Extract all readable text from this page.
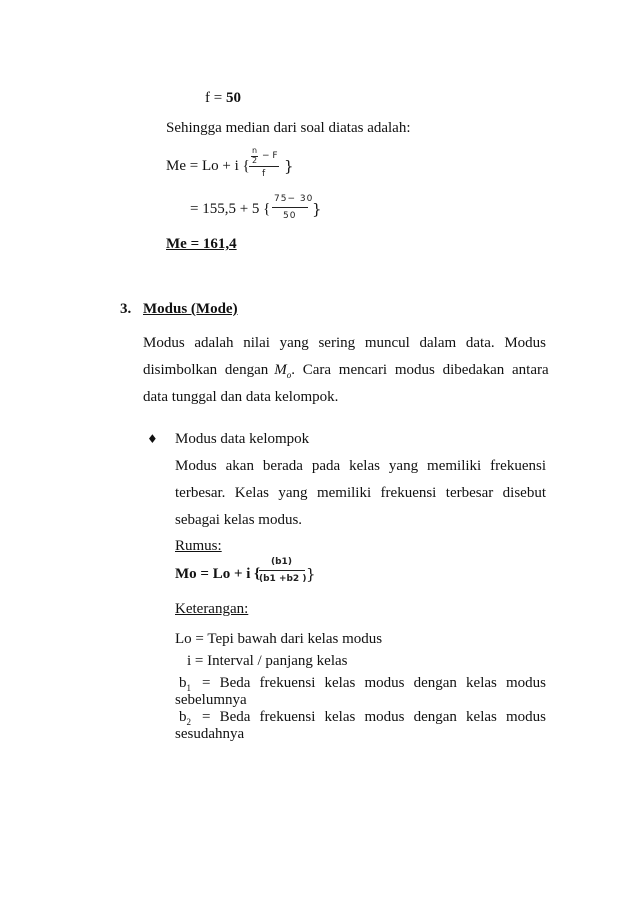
f = 50
Sehingga median dari soal diatas adalah:
Me = Lo + i {
n
2 − F
f }
= 155,5 + 5 {
75− 30
50 }
Me = 161,4
3. Modus (Mode)
Modus adalah nilai yang sering muncul dalam data. Modus
disimbolkan dengan $M_o$. Cara mencari modus dibedakan antara
data tunggal dan data kelompok.
♦ Modus data kelompok
Modus akan berada pada kelas yang memiliki frekuensi
terbesar. Kelas yang memiliki frekuensi terbesar disebut
sebagai kelas modus.
Rumus:
Mo = Lo + i {
(b1)
(b1 +b2 ) }
Keterangan:
Lo = Tepi bawah dari kelas modus
i = Interval / panjang kelas
$b_1$ = Beda frekuensi kelas modus dengan kelas modus
sebelumnya
$b_2$ = Beda frekuensi kelas modus dengan kelas modus
sesudahnya
